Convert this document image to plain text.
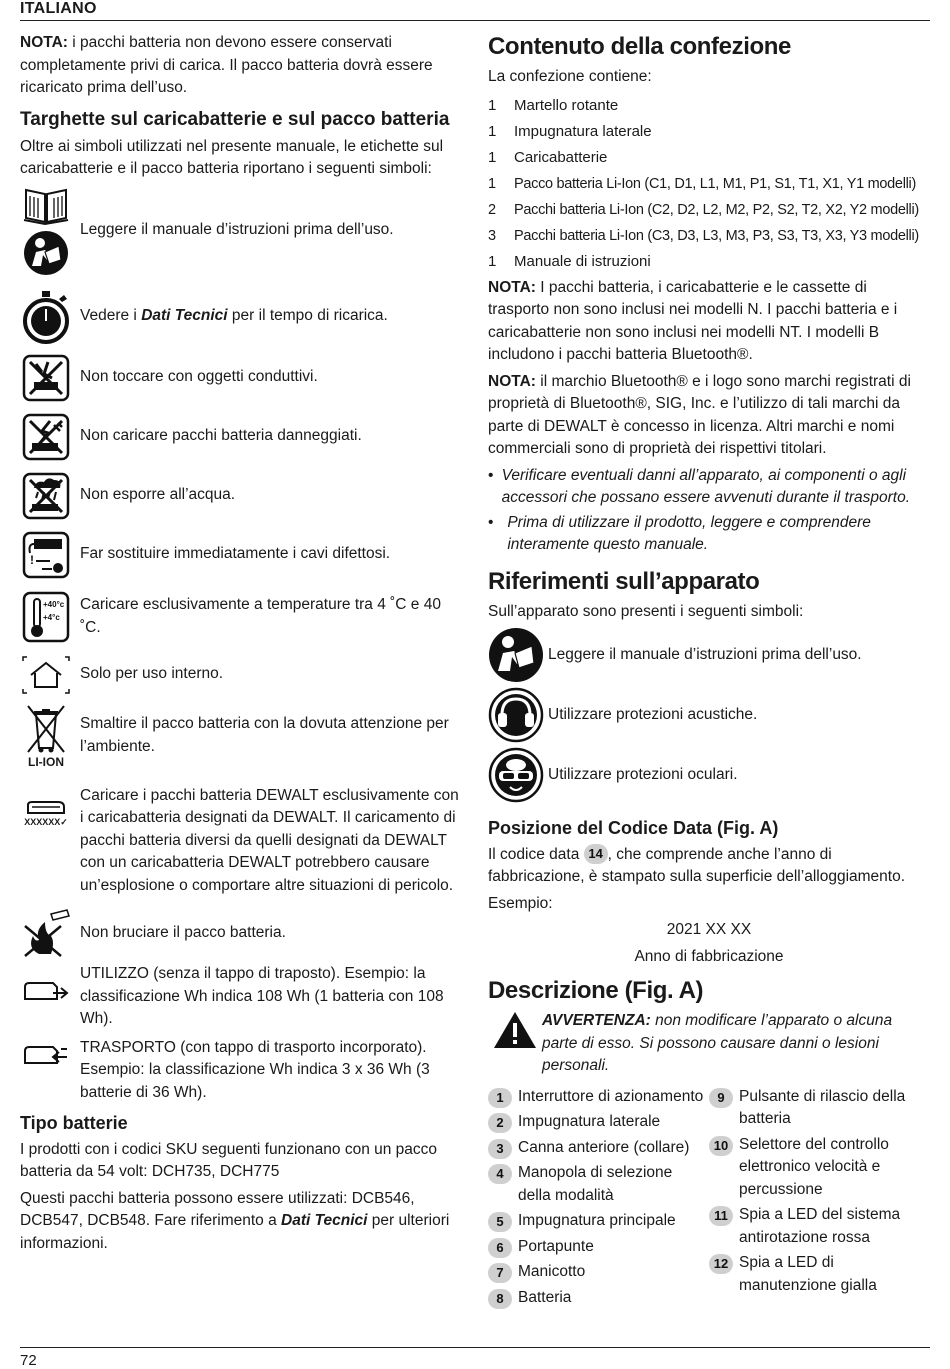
ITALIANO

NOTA: i pacchi batteria non devono essere conservati completamente privi di carica. Il pacco batteria dovrà essere ricaricato prima dell’uso.

Targhette sul caricabatterie e sul pacco batteria

Oltre ai simboli utilizzati nel presente manuale, le etichette sul caricabatterie e il pacco batteria riportano i seguenti simboli:

Leggere il manuale d’istruzioni prima dell’uso.
Vedere i Dati Tecnici per il tempo di ricarica.
Non toccare con oggetti conduttivi.
Non caricare pacchi batteria danneggiati.
Non esporre all’acqua.
!	Far sostituire immediatamente i cavi difettosi.
+40°c
+4°c
Caricare esclusivamente a temperature tra 4 ˚C e 40 ˚C.
Solo per uso interno.
LI-ION
Smaltire il pacco batteria con la dovuta attenzione per l’ambiente.
XXXXXX✓
Caricare i pacchi batteria DEWALT esclusivamente con i caricabatteria designati da DEWALT. Il caricamento di pacchi batteria diversi da quelli designati da DEWALT con un caricabatteria DEWALT potrebbero causare un’esplosione o comportare altre situazioni di pericolo.
Non bruciare il pacco batteria.
UTILIZZO (senza il tappo di traposto). Esempio: la classificazione Wh indica 108 Wh (1 batteria con 108 Wh).
TRASPORTO (con tappo di trasporto incorporato). Esempio: la classificazione Wh indica 3 x 36 Wh (3 batterie di 36 Wh).
Tipo batterie

I prodotti con i codici SKU seguenti funzionano con un pacco batteria da 54 volt: DCH735, DCH775

Questi pacchi batteria possono essere utilizzati: DCB546, DCB547, DCB548. Fare riferimento a Dati Tecnici per ulteriori informazioni.

Contenuto della confezione

La confezione contiene:

1	Martello rotante
1	Impugnatura laterale
1	Caricabatterie
1	Pacco batteria Li-Ion (C1, D1, L1, M1, P1, S1, T1, X1, Y1 modelli)
2	Pacchi batteria Li-Ion (C2, D2, L2, M2, P2, S2, T2, X2, Y2 modelli)
3	Pacchi batteria Li-Ion (C3, D3, L3, M3, P3, S3, T3, X3, Y3 modelli)
1	Manuale di istruzioni

NOTA: I pacchi batteria, i caricabatterie e le cassette di trasporto non sono inclusi nei modelli N. I pacchi batteria e i caricabatterie non sono inclusi nei modelli NT. I modelli B includono i pacchi batteria Bluetooth®.

NOTA: il marchio Bluetooth® e i logo sono marchi registrati di proprietà di Bluetooth®, SIG, Inc. e l’utilizzo di tali marchi da parte di DEWALT è concesso in licenza. Altri marchi e nomi commerciali sono di proprietà dei rispettivi titolari.

• Verificare eventuali danni all’apparato, ai componenti o agli accessori che possano essere avvenuti durante il trasporto.
• Prima di utilizzare il prodotto, leggere e comprendere interamente questo manuale.
Riferimenti sull’apparato

Sull’apparato sono presenti i seguenti simboli:

Leggere il manuale d’istruzioni prima dell’uso.
Utilizzare protezioni acustiche.
Utilizzare protezioni oculari.
Posizione del Codice Data (Fig. A)

Il codice data 14 , che comprende anche l’anno di fabbricazione, è stampato sulla superficie dell’alloggiamento.

Esempio:

2021 XX XX
Anno di fabbricazione
Descrizione (Fig. A)
AVVERTENZA: non modificare l’apparato o alcuna parte di esso. Si possono causare danni o lesioni personali.
1 Interruttore di azionamento
2 Impugnatura laterale
3 Canna anteriore (collare)
4 Manopola di selezione della modalità
5 Impugnatura principale
6 Portapunte
7 Manicotto
8 Batteria
9 Pulsante di rilascio della batteria
10 Selettore del controllo elettronico velocità e percussione
11 Spia a LED del sistema antirotazione rossa
12 Spia a LED di manutenzione gialla
72
